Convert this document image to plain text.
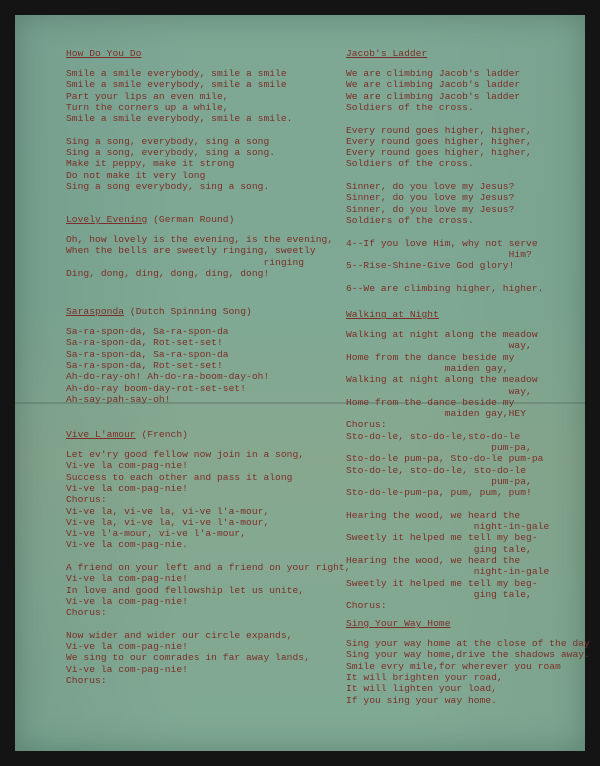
How Do You Do
Smile a smile everybody, smile a smile
Smile a smile everybody, smile a smile
Part your lips an even mile,
Turn the corners up a while,
Smile a smile everybody, smile a smile.
Sing a song, everybody, sing a song
Sing a song, everybody, sing a song.
Make it peppy, make it strong
Do not make it very long
Sing a song everybody, sing a song.
Lovely Evening (German Round)
Oh, how lovely is the evening, is the evening,
When the bells are sweetly ringing, sweetly
ringing
Ding, dong, ding, dong, ding, dong!
Sarasponda (Dutch Spinning Song)
Sa-ra-spon-da, Sa-ra-spon-da
Sa-ra-spon-da, Rot-set-set!
Sa-ra-spon-da, Sa-ra-spon-da
Sa-ra-spon-da, Rot-set-set!
Ah-do-ray-oh! Ah-do-ra-boom-day-oh!
Ah-do-ray boom-day-rot-set-set!
Ah-say-pah-say-oh!
Vive L'amour (French)
Let ev'ry good fellow now join in a song,
Vi-ve la com-pag-nie!
Success to each other and pass it along
Vi-ve la com-pag-nie!
Chorus:
Vi-ve la, vi-ve la, vi-ve l'a-mour,
Vi-ve la, vi-ve la, vi-ve l'a-mour,
Vi-ve l'a-mour, vi-ve l'a-mour,
Vi-ve la com-pag-nie.
A friend on your left and a friend on your right,
Vi-ve la com-pag-nie!
In love and good fellowship let us unite,
Vi-ve la com-pag-nie!
Chorus:
Now wider and wider our circle expands,
Vi-ve la com-pag-nie!
We sing to our comrades in far away lands,
Vi-ve la com-pag-nie!
Chorus:
Jacob's Ladder
We are climbing Jacob's ladder
We are climbing Jacob's ladder
We are climbing Jacob's ladder
Soldiers of the cross.
Every round goes higher, higher,
Every round goes higher, higher,
Every round goes higher, higher,
Soldiers of the cross.
Sinner, do you love my Jesus?
Sinner, do you love my Jesus?
Sinner, do you love my Jesus?
Soldiers of the cross.
4--If you love Him, why not serve
Him?
5--Rise-Shine-Give God glory!
6--We are climbing higher, higher.
Walking at Night
Walking at night along the meadow
way,
Home from the dance beside my
maiden gay,
Walking at night along the meadow
way,
Home from the dance beside my
maiden gay,HEY
Chorus:
Sto-do-le, sto-do-le,sto-do-le
pum-pa,
Sto-do-le pum-pa, Sto-do-le pum-pa
Sto-do-le, sto-do-le, sto-do-le
pum-pa,
Sto-do-le-pum-pa, pum, pum, pum!
Hearing the wood, we heard the
night-in-gale
Sweetly it helped me tell my beg-
ging tale,
Hearing the wood, we heard the
night-in-gale
Sweetly it helped me tell my beg-
ging tale,
Chorus:
Sing Your Way Home
Sing your way home at the close of the day
Sing your way home,drive the shadows away.
Smile evry mile,for wherever you roam
It will brighten your road,
It will lighten your load,
If you sing your way home.
